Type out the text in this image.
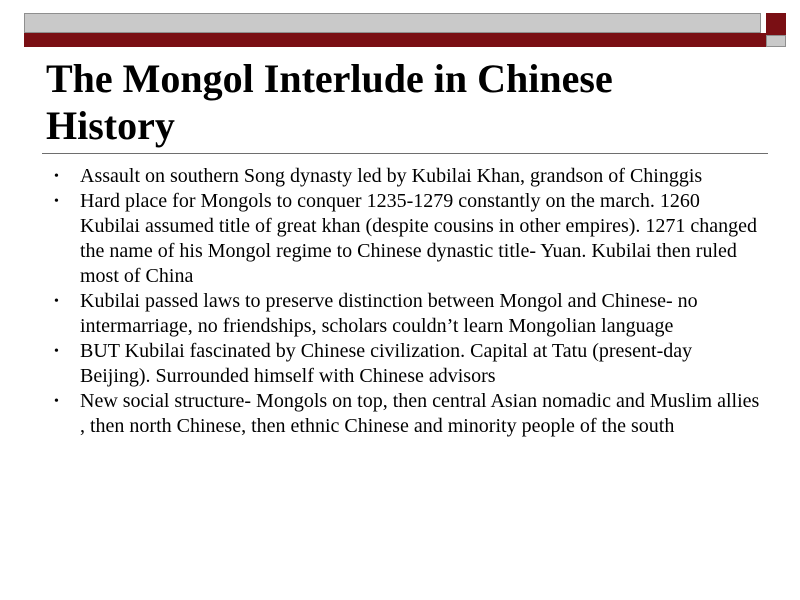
The Mongol Interlude in Chinese History
• Assault on southern Song dynasty led by Kubilai Khan, grandson of Chinggis
• Hard place for Mongols to conquer 1235-1279 constantly on the march. 1260 Kubilai assumed title of great khan (despite cousins in other empires). 1271 changed the name of his Mongol regime to Chinese dynastic title- Yuan. Kubilai then ruled most of China
• Kubilai passed laws to preserve distinction between Mongol and Chinese- no intermarriage, no friendships, scholars couldn’t learn Mongolian language
• BUT Kubilai fascinated by Chinese civilization. Capital at Tatu (present-day Beijing). Surrounded himself with Chinese advisors
• New social structure- Mongols on top, then central Asian nomadic and Muslim allies , then north Chinese, then ethnic Chinese and minority people of the south
